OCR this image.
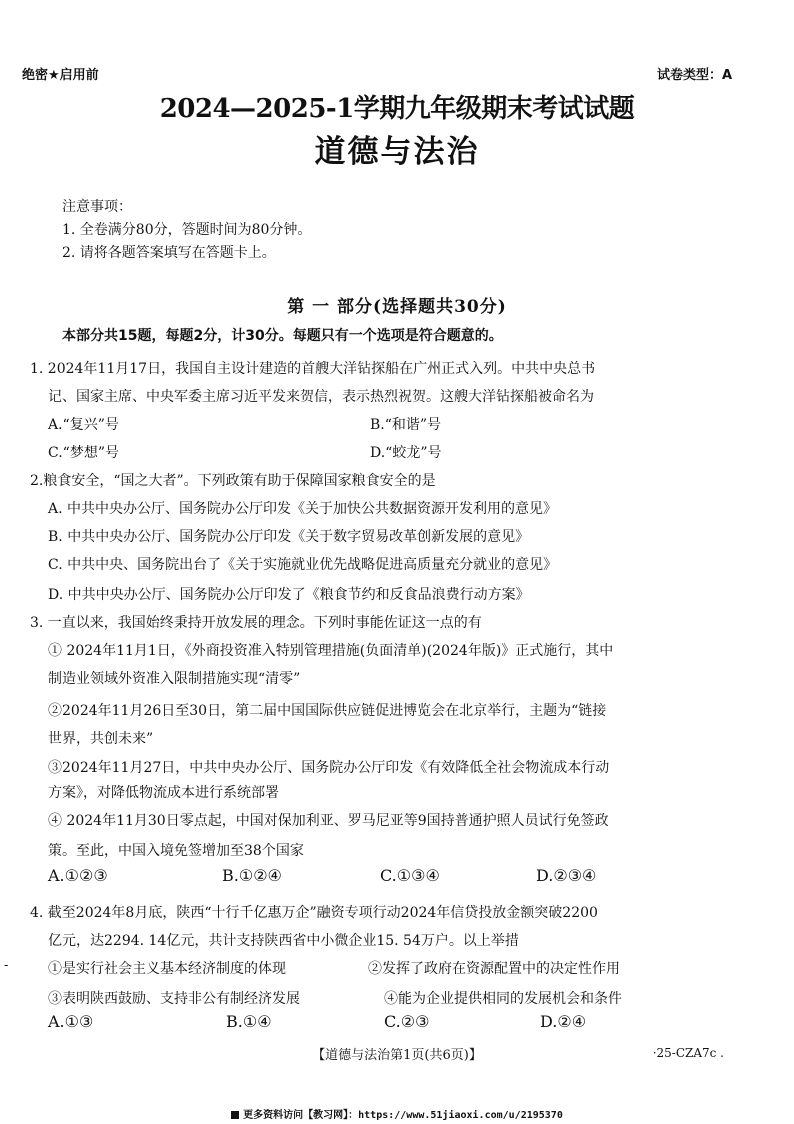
绝密★启用前	试卷类型：A
2024—2025-1学期九年级期末考试试题
道德与法治
注意事项：
1. 全卷满分80分，答题时间为80分钟。
2. 请将各题答案填写在答题卡上。
第 一 部分(选择题共30分)
本部分共15题，每题2分，计30分。每题只有一个选项是符合题意的。
1. 2024年11月17日，我国自主设计建造的首艘大洋钻探船在广州正式入列。中共中央总书
记、国家主席、中央军委主席习近平发来贺信，表示热烈祝贺。这艘大洋钻探船被命名为
A.“复兴”号	B.“和谐”号
C.“梦想”号	D.“蛟龙”号
2.粮食安全，“国之大者”。下列政策有助于保障国家粮食安全的是
A. 中共中央办公厅、国务院办公厅印发《关于加快公共数据资源开发利用的意见》
B. 中共中央办公厅、国务院办公厅印发《关于数字贸易改革创新发展的意见》
C. 中共中央、国务院出台了《关于实施就业优先战略促进高质量充分就业的意见》
D. 中共中央办公厅、国务院办公厅印发了《粮食节约和反食品浪费行动方案》
3. 一直以来，我国始终秉持开放发展的理念。下列时事能佐证这一点的有
① 2024年11月1日，《外商投资准入特别管理措施(负面清单)(2024年版)》正式施行，其中
制造业领域外资准入限制措施实现“清零”
②2024年11月26日至30日，第二届中国国际供应链促进博览会在北京举行，主题为“链接
世界，共创未来”
③2024年11月27日，中共中央办公厅、国务院办公厅印发《有效降低全社会物流成本行动
方案》，对降低物流成本进行系统部署
④ 2024年11月30日零点起，中国对保加利亚、罗马尼亚等9国持普通护照人员试行免签政
策。至此，中国入境免签增加至38个国家
A.①②③	B.①②④	C.①③④	D.②③④
4. 截至2024年8月底，陕西“十行千亿惠万企”融资专项行动2024年信贷投放金额突破2200
亿元，达2294. 14亿元，共计支持陕西省中小微企业15. 54万户。以上举措
-	①是实行社会主义基本经济制度的体现	②发挥了政府在资源配置中的决定性作用
③表明陕西鼓励、支持非公有制经济发展	④能为企业提供相同的发展机会和条件
A.①③	B.①④	C.②③	D.②④
【道德与法治第1页(共6页)】	·25-CZA7c .
更多资料访问【教习网】：https://www.51jiaoxi.com/u/2195370
